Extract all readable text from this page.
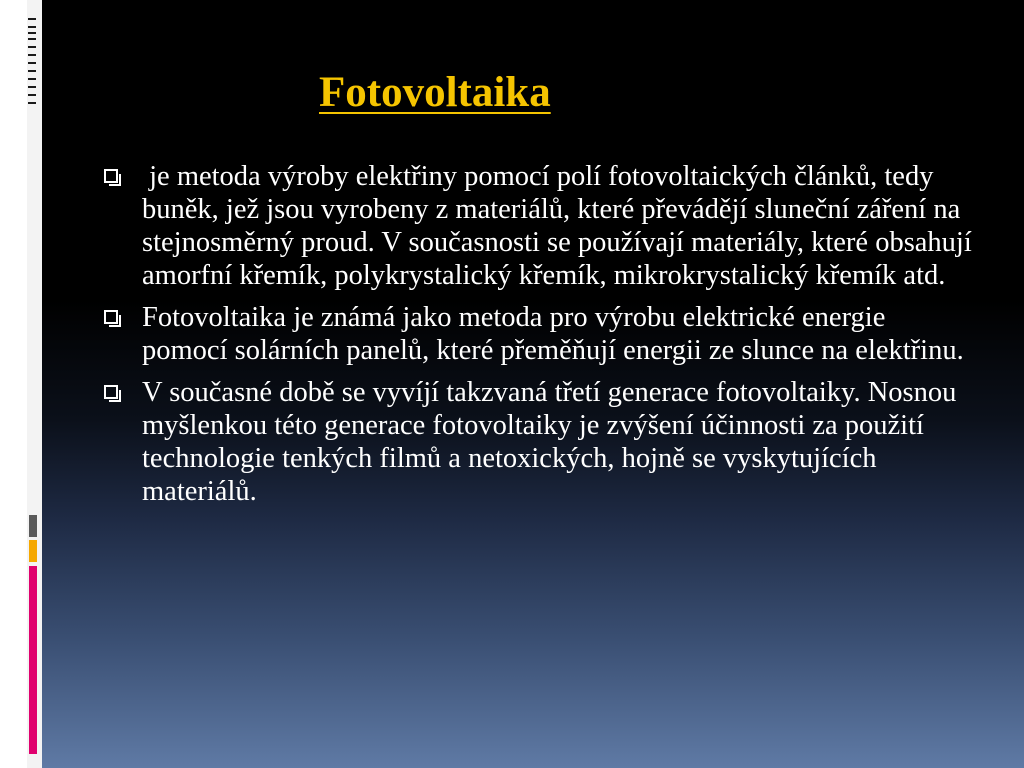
Fotovoltaika
je metoda výroby elektřiny pomocí polí fotovoltaických článků, tedy buněk, jež jsou vyrobeny z materiálů, které převádějí sluneční záření na stejnosměrný proud. V současnosti se používají materiály, které obsahují amorfní křemík, polykrystalický křemík, mikrokrystalický křemík atd.
Fotovoltaika je známá jako metoda pro výrobu elektrické energie pomocí solárních panelů, které přeměňují energii ze slunce na elektřinu.
V současné době se vyvíjí takzvaná třetí generace fotovoltaiky. Nosnou myšlenkou této generace fotovoltaiky je zvýšení účinnosti za použití technologie tenkých filmů a netoxických, hojně se vyskytujících materiálů.
